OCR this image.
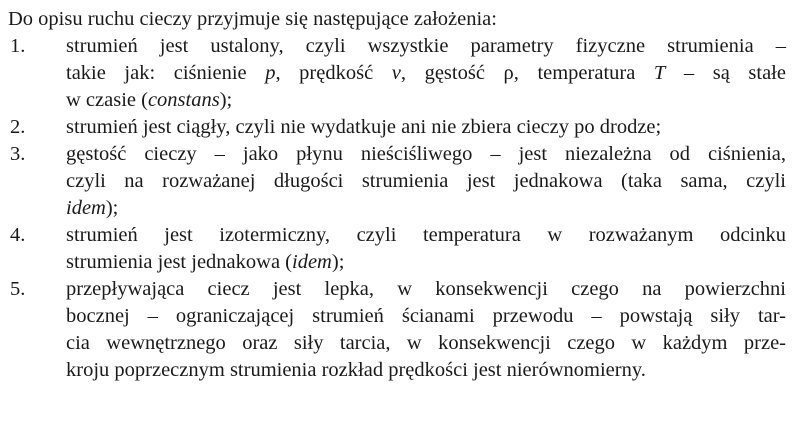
Do opisu ruchu cieczy przyjmuje się następujące założenia:
1.	strumień jest ustalony, czyli wszystkie parametry fizyczne strumienia –
takie jak: ciśnienie p, prędkość v, gęstość ρ, temperatura T – są stałe
w czasie (constans);
2.	strumień jest ciągły, czyli nie wydatkuje ani nie zbiera cieczy po drodze;
3.	gęstość cieczy – jako płynu nieściśliwego – jest niezależna od ciśnienia,
czyli na rozważanej długości strumienia jest jednakowa (taka sama, czyli
idem);
4.	strumień jest izotermiczny, czyli temperatura w rozważanym odcinku
strumienia jest jednakowa (idem);
5.	przepływająca ciecz jest lepka, w konsekwencji czego na powierzchni
bocznej – ograniczającej strumień ścianami przewodu – powstają siły tar-
cia wewnętrznego oraz siły tarcia, w konsekwencji czego w każdym prze-
kroju poprzecznym strumienia rozkład prędkości jest nierównomierny.
